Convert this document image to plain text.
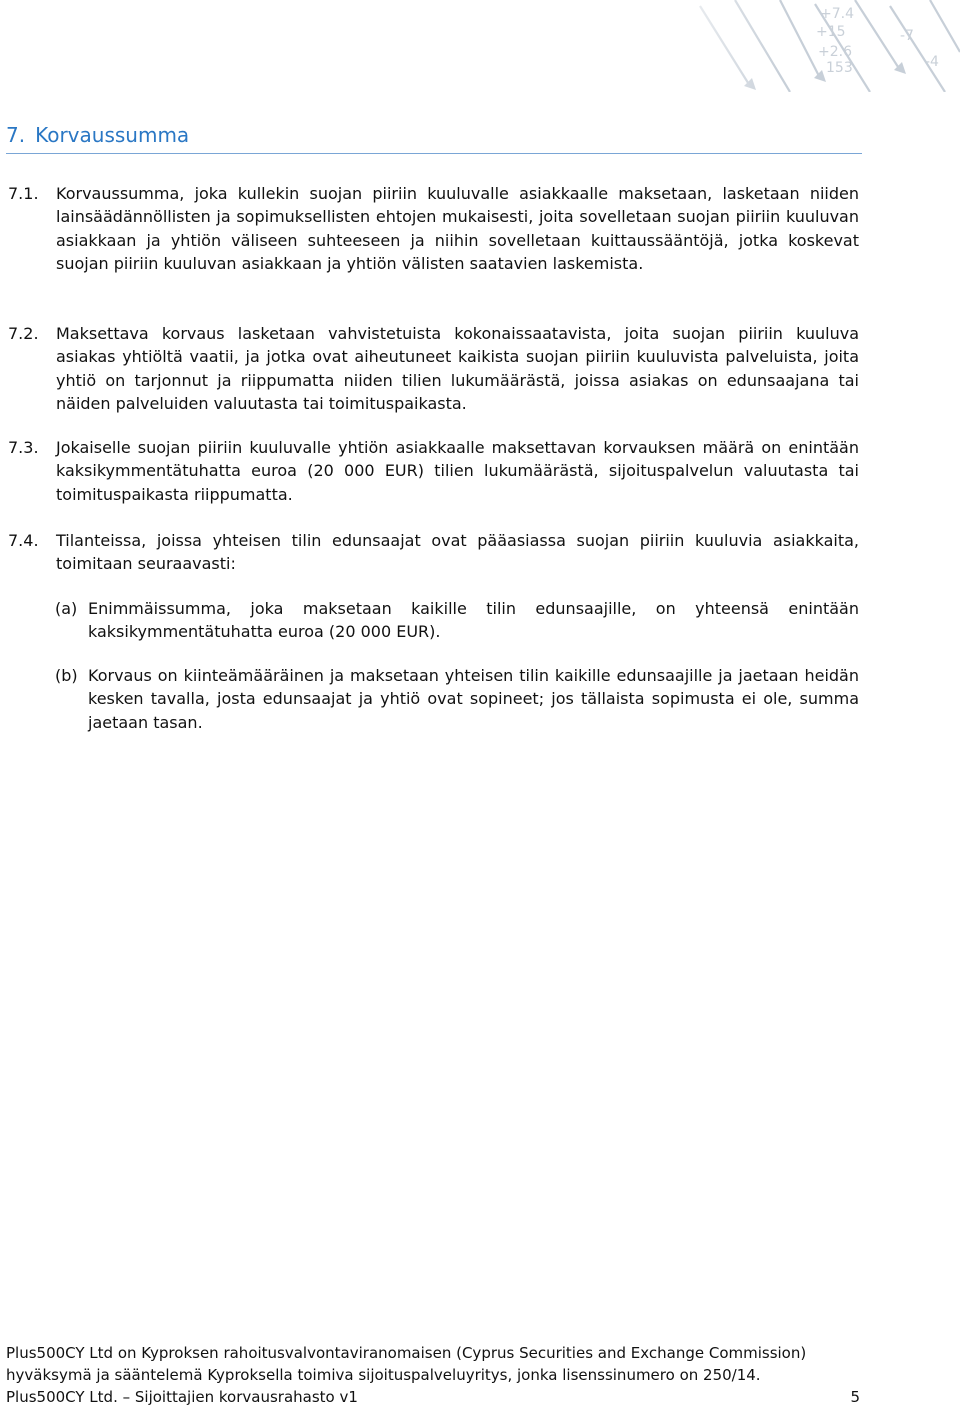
+7.4
+15
+2.6
-7
153	-4
7. Korvaussumma

7.1. Korvaussumma, joka kullekin suojan piiriin kuuluvalle asiakkaalle maksetaan, lasketaan niiden lainsäädännöllisten ja sopimuksellisten ehtojen mukaisesti, joita sovelletaan suojan piiriin kuuluvan asiakkaan ja yhtiön väliseen suhteeseen ja niihin sovelletaan kuittaussääntöjä, jotka koskevat suojan piiriin kuuluvan asiakkaan ja yhtiön välisten saatavien laskemista.

7.2. Maksettava korvaus lasketaan vahvistetuista kokonaissaatavista, joita suojan piiriin kuuluva asiakas yhtiöltä vaatii, ja jotka ovat aiheutuneet kaikista suojan piiriin kuuluvista palveluista, joita yhtiö on tarjonnut ja riippumatta niiden tilien lukumäärästä, joissa asiakas on edunsaajana tai näiden palveluiden valuutasta tai toimituspaikasta.

7.3. Jokaiselle suojan piiriin kuuluvalle yhtiön asiakkaalle maksettavan korvauksen määrä on enintään kaksikymmentätuhatta euroa (20 000 EUR) tilien lukumäärästä, sijoituspalvelun valuutasta tai toimituspaikasta riippumatta.

7.4. Tilanteissa, joissa yhteisen tilin edunsaajat ovat pääasiassa suojan piiriin kuuluvia asiakkaita, toimitaan seuraavasti:

(a) Enimmäissumma, joka maksetaan kaikille tilin edunsaajille, on yhteensä enintään kaksikymmentätuhatta euroa (20 000 EUR).

(b) Korvaus on kiinteämääräinen ja maksetaan yhteisen tilin kaikille edunsaajille ja jaetaan heidän kesken tavalla, josta edunsaajat ja yhtiö ovat sopineet; jos tällaista sopimusta ei ole, summa jaetaan tasan.

Plus500CY Ltd on Kyproksen rahoitusvalvontaviranomaisen (Cyprus Securities and Exchange Commission)
hyväksymä ja sääntelemä Kyproksella toimiva sijoituspalveluyritys, jonka lisenssinumero on 250/14.
Plus500CY Ltd. – Sijoittajien korvausrahasto v1	5
